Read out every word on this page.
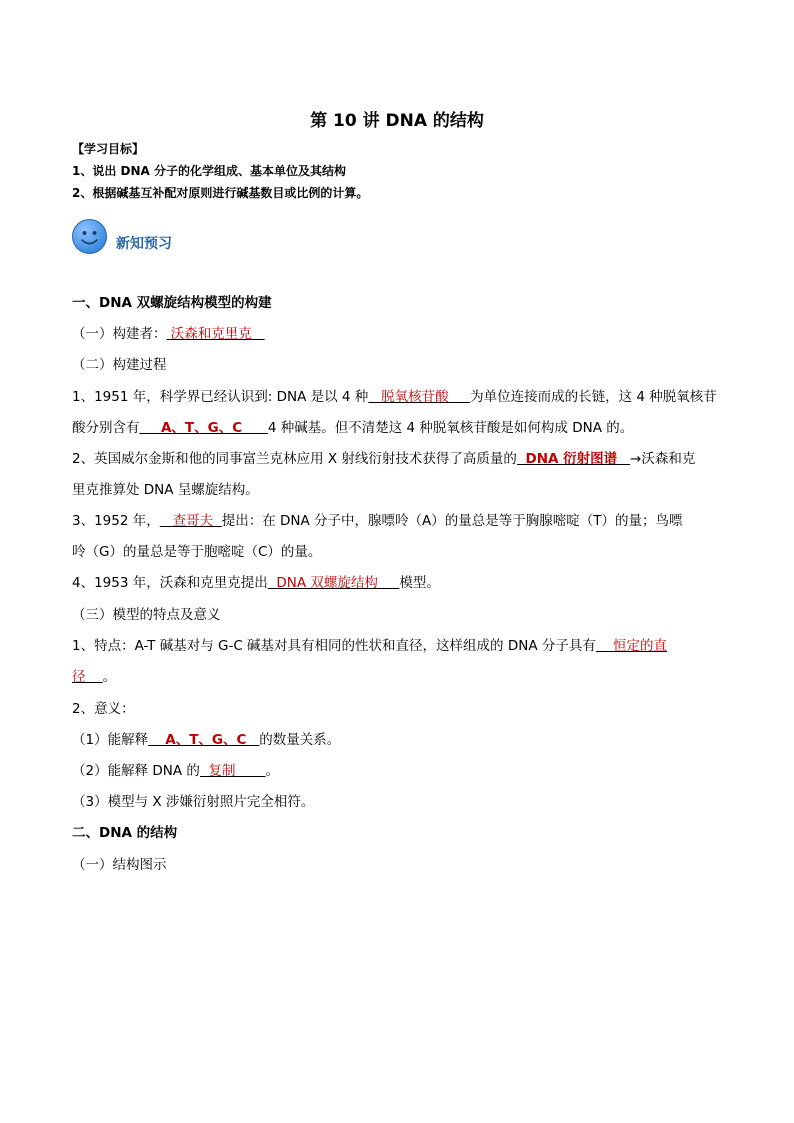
第 10 讲 DNA 的结构
【学习目标】
1、说出 DNA 分子的化学组成、基本单位及其结构
2、根据碱基互补配对原则进行碱基数目或比例的计算。
新知预习
一、DNA 双螺旋结构模型的构建
（一）构建者： 沃森和克里克
（二）构建过程
1、1951 年，科学界已经认识到: DNA 是以 4 种 脱氧核苷酸 为单位连接而成的长链，这 4 种脱氧核苷
酸分别含有 A、T、G、C 4 种碱基。但不清楚这 4 种脱氧核苷酸是如何构成 DNA 的。
2、英国威尔金斯和他的同事富兰克林应用 X 射线衍射技术获得了高质量的 DNA 衍射图谱 →沃森和克
里克推算处 DNA 呈螺旋结构。
3、1952 年， 查哥夫 提出：在 DNA 分子中，腺嘌呤（A）的量总是等于胸腺嘧啶（T）的量；鸟嘌
呤（G）的量总是等于胞嘧啶（C）的量。
4、1953 年，沃森和克里克提出 DNA 双螺旋结构 模型。
（三）模型的特点及意义
1、特点：A-T 碱基对与 G-C 碱基对具有相同的性状和直径，这样组成的 DNA 分子具有 恒定的直
径 。
2、意义：
（1）能解释 A、T、G、C 的数量关系。
（2）能解释 DNA 的 复制 。
（3）模型与 X 涉嫌衍射照片完全相符。
二、DNA 的结构
（一）结构图示
